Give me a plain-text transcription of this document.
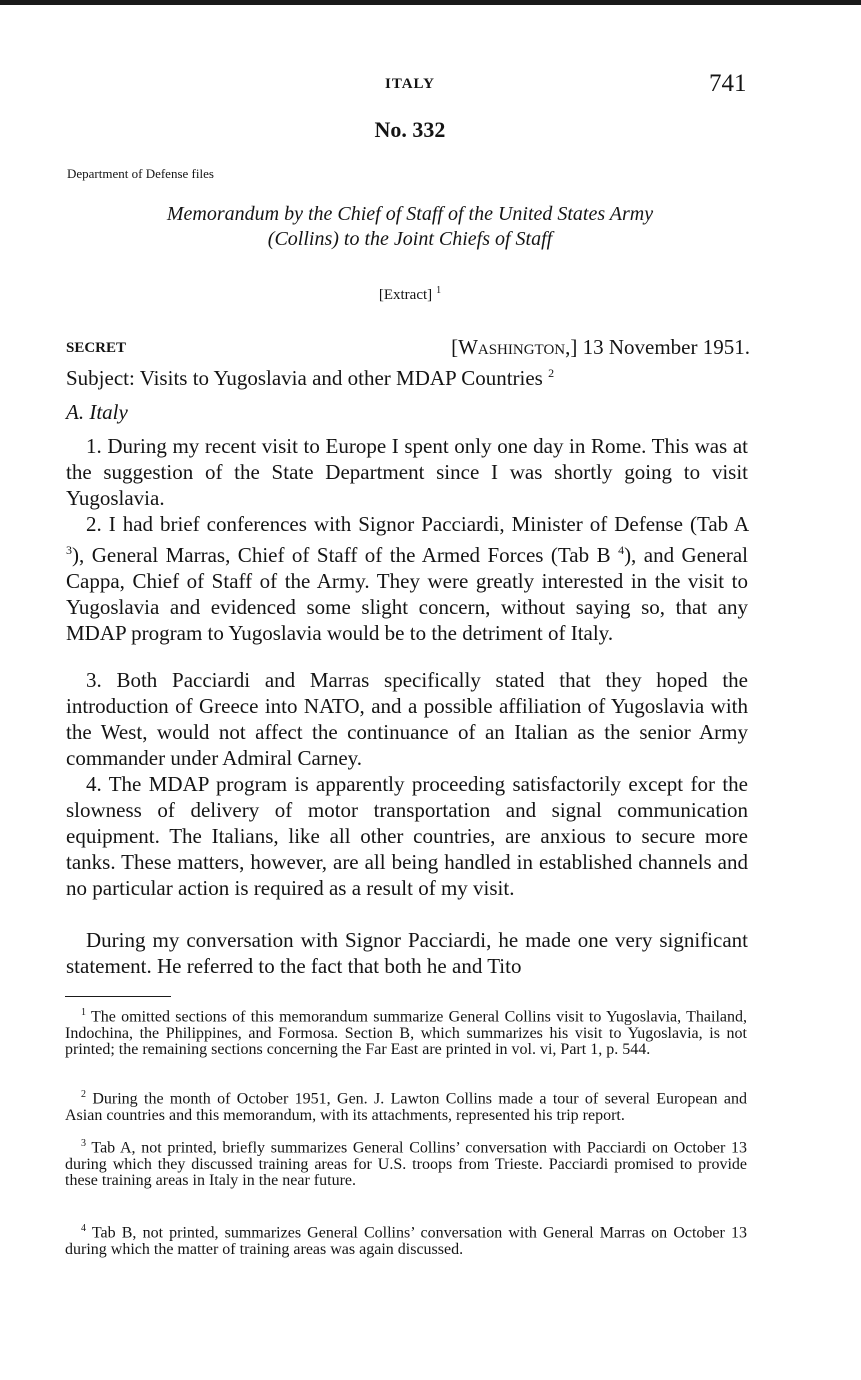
ITALY	741
No. 332
Department of Defense files
Memorandum by the Chief of Staff of the United States Army
(Collins) to the Joint Chiefs of Staff
[Extract] $^1$
SECRET	[Washington,] 13 November 1951.
Subject: Visits to Yugoslavia and other MDAP Countries $^2$
A. Italy

1. During my recent visit to Europe I spent only one day in Rome. This was at the suggestion of the State Department since I was shortly going to visit Yugoslavia.

2. I had brief conferences with Signor Pacciardi, Minister of Defense (Tab A $^3$), General Marras, Chief of Staff of the Armed Forces (Tab B $^4$), and General Cappa, Chief of Staff of the Army. They were greatly interested in the visit to Yugoslavia and evidenced some slight concern, without saying so, that any MDAP program to Yugoslavia would be to the detriment of Italy.

3. Both Pacciardi and Marras specifically stated that they hoped the introduction of Greece into NATO, and a possible affiliation of Yugoslavia with the West, would not affect the continuance of an Italian as the senior Army commander under Admiral Carney.

4. The MDAP program is apparently proceeding satisfactorily except for the slowness of delivery of motor transportation and signal communication equipment. The Italians, like all other countries, are anxious to secure more tanks. These matters, however, are all being handled in established channels and no particular action is required as a result of my visit.

During my conversation with Signor Pacciardi, he made one very significant statement. He referred to the fact that both he and Tito

$^1$ The omitted sections of this memorandum summarize General Collins visit to Yugoslavia, Thailand, Indochina, the Philippines, and Formosa. Section B, which summarizes his visit to Yugoslavia, is not printed; the remaining sections concerning the Far East are printed in vol. vi, Part 1, p. 544.

$^2$ During the month of October 1951, Gen. J. Lawton Collins made a tour of several European and Asian countries and this memorandum, with its attachments, represented his trip report.

$^3$ Tab A, not printed, briefly summarizes General Collins’ conversation with Pacciardi on October 13 during which they discussed training areas for U.S. troops from Trieste. Pacciardi promised to provide these training areas in Italy in the near future.

$^4$ Tab B, not printed, summarizes General Collins’ conversation with General Marras on October 13 during which the matter of training areas was again discussed.
